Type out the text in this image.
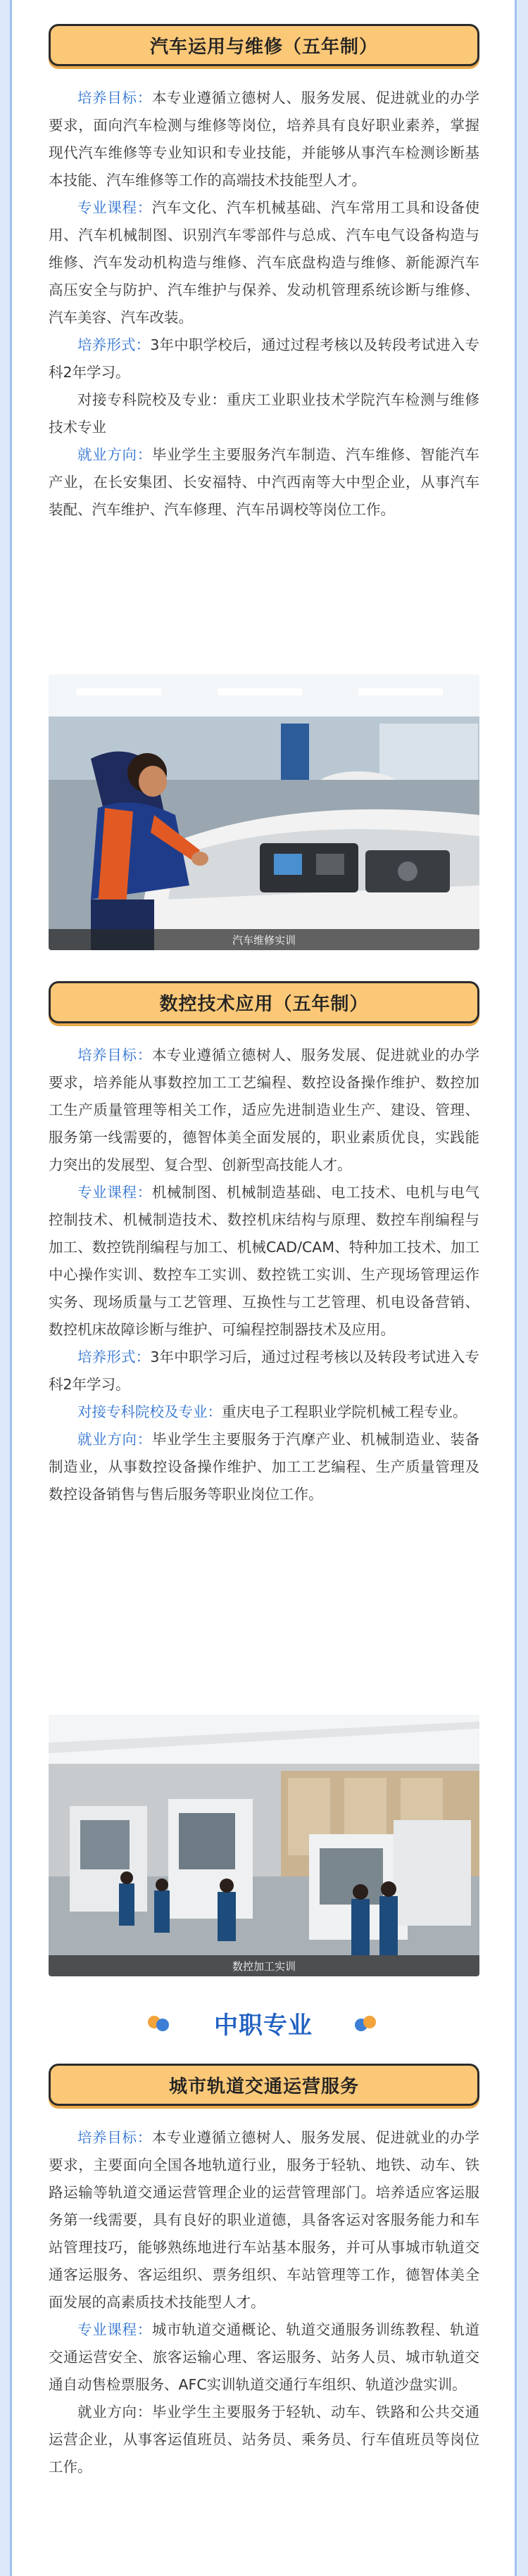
汽车运用与维修（五年制）

培养目标：本专业遵循立德树人、服务发展、促进就业的办学要求，面向汽车检测与维修等岗位，培养具有良好职业素养，掌握现代汽车维修等专业知识和专业技能，并能够从事汽车检测诊断基本技能、汽车维修等工作的高端技术技能型人才。

专业课程：汽车文化、汽车机械基础、汽车常用工具和设备使用、汽车机械制图、识别汽车零部件与总成、汽车电气设备构造与维修、汽车发动机构造与维修、汽车底盘构造与维修、新能源汽车高压安全与防护、汽车维护与保养、发动机管理系统诊断与维修、汽车美容、汽车改装。

培养形式：3年中职学校后，通过过程考核以及转段考试进入专科2年学习。

对接专科院校及专业：重庆工业职业技术学院汽车检测与维修技术专业

就业方向：毕业学生主要服务汽车制造、汽车维修、智能汽车产业，在长安集团、长安福特、中汽西南等大中型企业，从事汽车装配、汽车维护、汽车修理、汽车吊调校等岗位工作。

汽车维修实训
数控技术应用（五年制）

培养目标：本专业遵循立德树人、服务发展、促进就业的办学要求，培养能从事数控加工工艺编程、数控设备操作维护、数控加工生产质量管理等相关工作，适应先进制造业生产、建设、管理、服务第一线需要的，德智体美全面发展的，职业素质优良，实践能力突出的发展型、复合型、创新型高技能人才。

专业课程：机械制图、机械制造基础、电工技术、电机与电气控制技术、机械制造技术、数控机床结构与原理、数控车削编程与加工、数控铣削编程与加工、机械CAD/CAM、特种加工技术、加工中心操作实训、数控车工实训、数控铣工实训、生产现场管理运作实务、现场质量与工艺管理、互换性与工艺管理、机电设备营销、数控机床故障诊断与维护、可编程控制器技术及应用。

培养形式：3年中职学习后，通过过程考核以及转段考试进入专科2年学习。

对接专科院校及专业：重庆电子工程职业学院机械工程专业。

就业方向：毕业学生主要服务于汽摩产业、机械制造业、装备制造业，从事数控设备操作维护、加工工艺编程、生产质量管理及数控设备销售与售后服务等职业岗位工作。

数控加工实训
中职专业
城市轨道交通运营服务

培养目标：本专业遵循立德树人、服务发展、促进就业的办学要求，主要面向全国各地轨道行业，服务于轻轨、地铁、动车、铁路运输等轨道交通运营管理企业的运营管理部门。培养适应客运服务第一线需要，具有良好的职业道德，具备客运对客服务能力和车站管理技巧，能够熟练地进行车站基本服务，并可从事城市轨道交通客运服务、客运组织、票务组织、车站管理等工作，德智体美全面发展的高素质技术技能型人才。

专业课程：城市轨道交通概论、轨道交通服务训练教程、轨道交通运营安全、旅客运输心理、客运服务、站务人员、城市轨道交通自动售检票服务、AFC实训轨道交通行车组织、轨道沙盘实训。

就业方向：毕业学生主要服务于轻轨、动车、铁路和公共交通运营企业，从事客运值班员、站务员、乘务员、行车值班员等岗位工作。
